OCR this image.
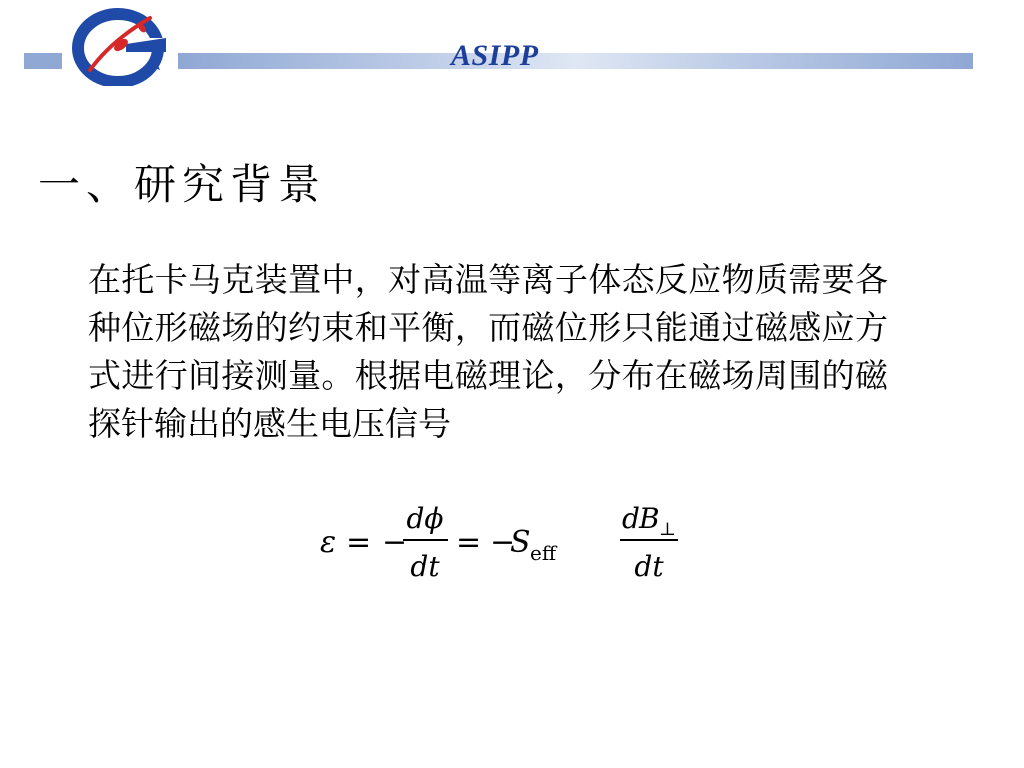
ASIPP
一、研究背景
在托卡马克装置中，对高温等离子体态反应物质需要各种位形磁场的约束和平衡，而磁位形只能通过磁感应方式进行间接测量。根据电磁理论，分布在磁场周围的磁探针输出的感生电压信号
ε = −
dϕ
dt
= −
S eff
d B ⊥
dt
